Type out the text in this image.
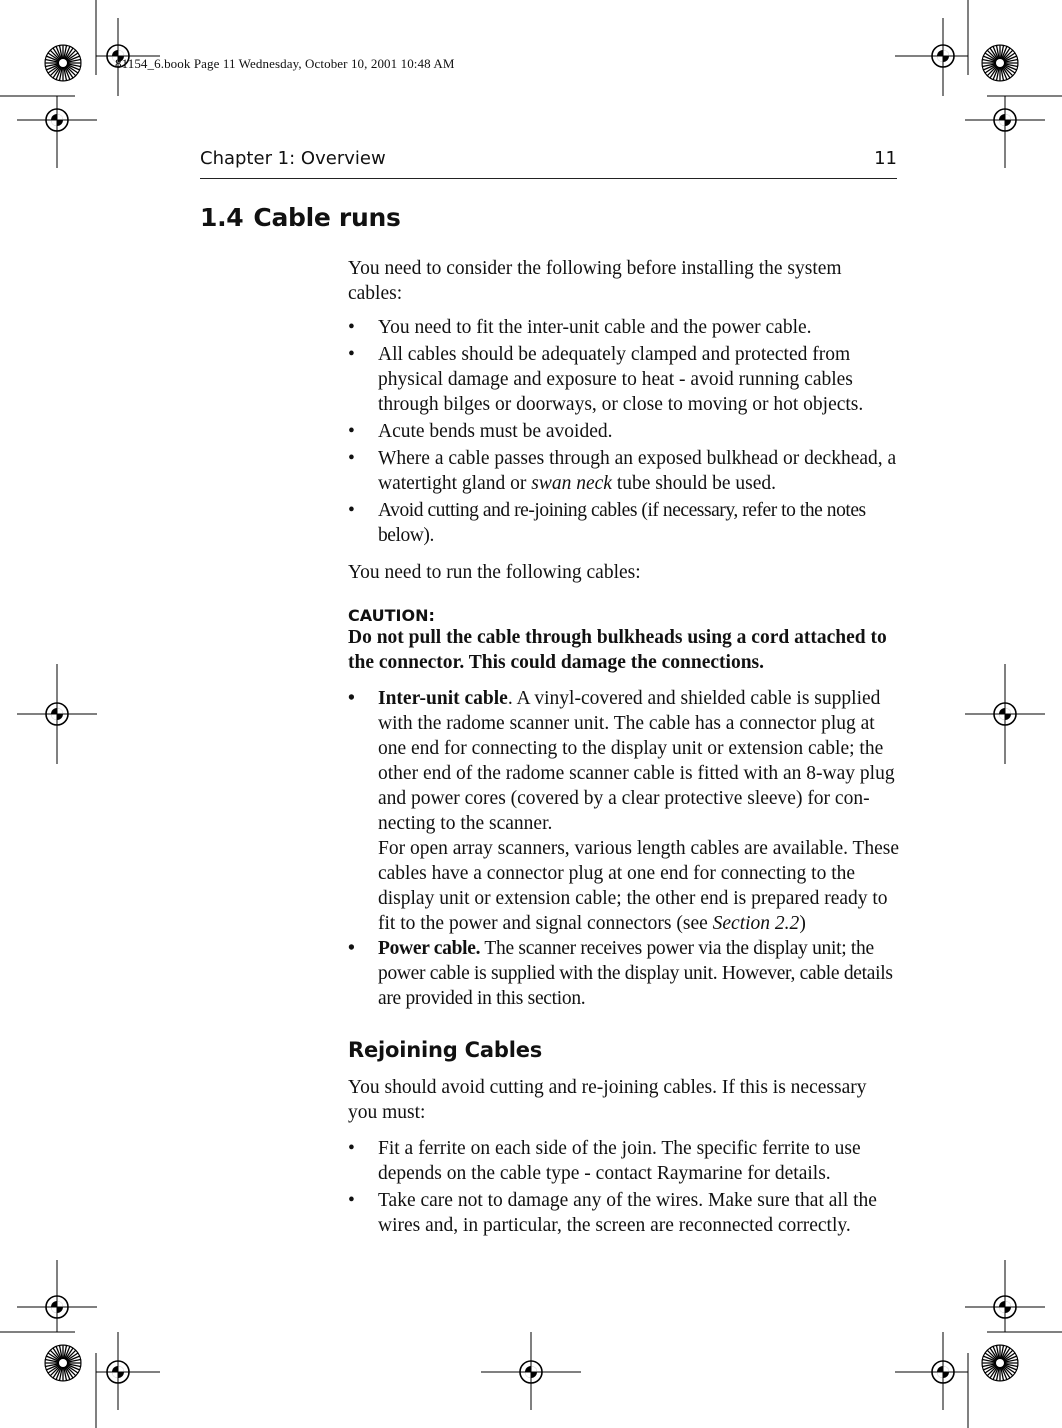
81154_6.book Page 11 Wednesday, October 10, 2001 10:48 AM
Chapter 1: Overview	11
1.4 Cable runs

You need to consider the following before installing the system cables:

• You need to fit the inter-unit cable and the power cable.
• All cables should be adequately clamped and protected from physical damage and exposure to heat - avoid running cables through bilges or doorways, or close to moving or hot objects.
• Acute bends must be avoided.
• Where a cable passes through an exposed bulkhead or deckhead, a watertight gland or swan neck tube should be used.
• Avoid cutting and re-joining cables (if necessary, refer to the notes below).

You need to run the following cables:

CAUTION:

Do not pull the cable through bulkheads using a cord attached to the connector. This could damage the connections.

• Inter-unit cable. A vinyl-covered and shielded cable is supplied with the radome scanner unit. The cable has a connector plug at one end for connecting to the display unit or extension cable; the other end of the radome scanner cable is fitted with an 8-way plug and power cores (covered by a clear protective sleeve) for con-necting to the scanner.
For open array scanners, various length cables are available. These cables have a connector plug at one end for connecting to the display unit or extension cable; the other end is prepared ready to fit to the power and signal connectors (see Section 2.2)
• Power cable. The scanner receives power via the display unit; the power cable is supplied with the display unit. However, cable details are provided in this section.
Rejoining Cables

You should avoid cutting and re-joining cables. If this is necessary you must:

• Fit a ferrite on each side of the join. The specific ferrite to use depends on the cable type - contact Raymarine for details.
• Take care not to damage any of the wires. Make sure that all the wires and, in particular, the screen are reconnected correctly.
